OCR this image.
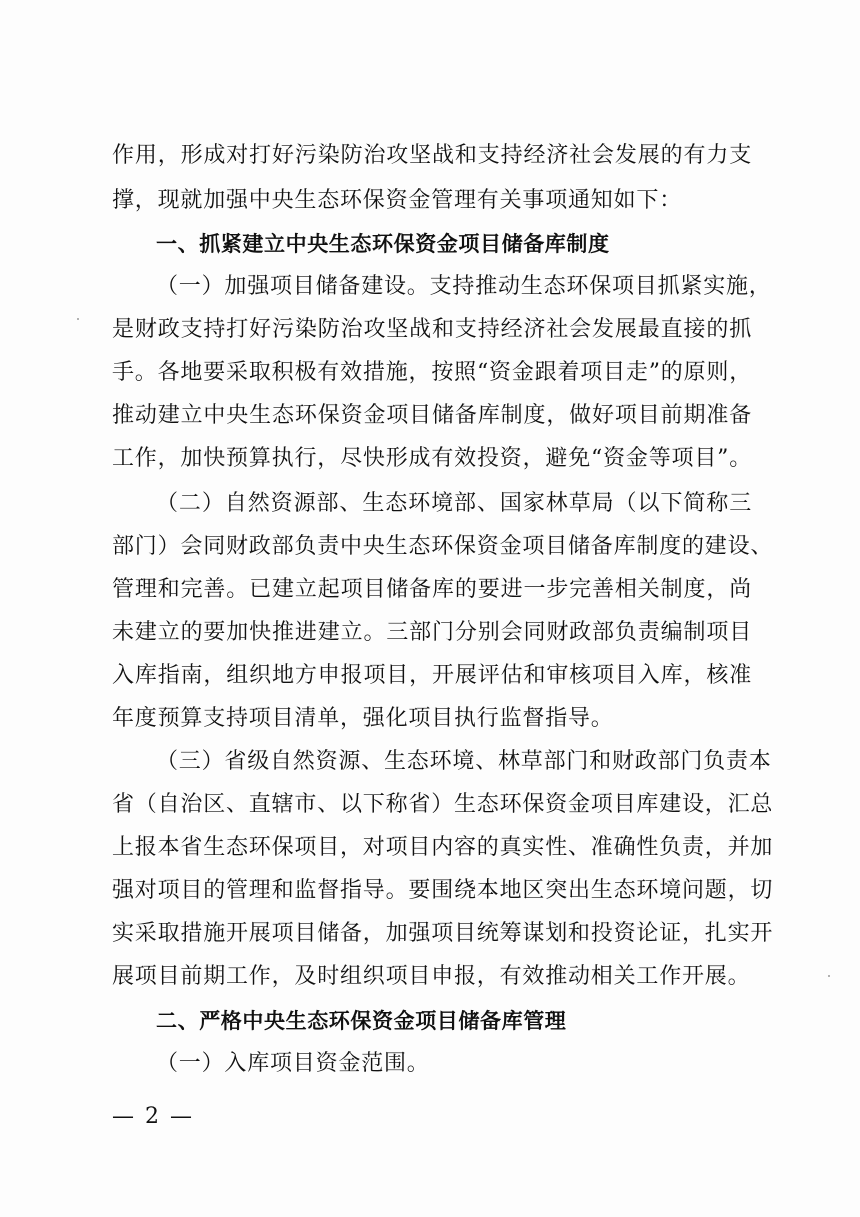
作用，形成对打好污染防治攻坚战和支持经济社会发展的有力支
撑，现就加强中央生态环保资金管理有关事项通知如下：
一、抓紧建立中央生态环保资金项目储备库制度
（一）加强项目储备建设。支持推动生态环保项目抓紧实施，
是财政支持打好污染防治攻坚战和支持经济社会发展最直接的抓
手。各地要采取积极有效措施，按照“资金跟着项目走”的原则，
推动建立中央生态环保资金项目储备库制度，做好项目前期准备
工作，加快预算执行，尽快形成有效投资，避免“资金等项目”。
（二）自然资源部、生态环境部、国家林草局（以下简称三
部门）会同财政部负责中央生态环保资金项目储备库制度的建设、
管理和完善。已建立起项目储备库的要进一步完善相关制度，尚
未建立的要加快推进建立。三部门分别会同财政部负责编制项目
入库指南，组织地方申报项目，开展评估和审核项目入库，核准
年度预算支持项目清单，强化项目执行监督指导。
（三）省级自然资源、生态环境、林草部门和财政部门负责本
省（自治区、直辖市、以下称省）生态环保资金项目库建设，汇总
上报本省生态环保项目，对项目内容的真实性、准确性负责，并加
强对项目的管理和监督指导。要围绕本地区突出生态环境问题，切
实采取措施开展项目储备，加强项目统筹谋划和投资论证，扎实开
展项目前期工作，及时组织项目申报，有效推动相关工作开展。
二、严格中央生态环保资金项目储备库管理
（一）入库项目资金范围。
— 2 —
